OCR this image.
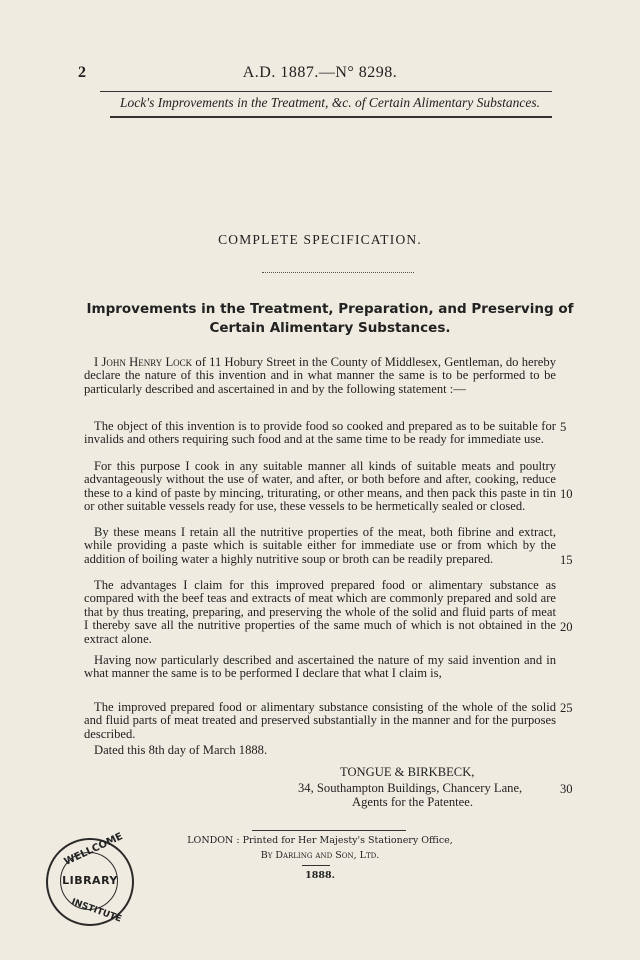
2	A.D. 1887.—N° 8298.
Lock's Improvements in the Treatment, &c. of Certain Alimentary Substances.
COMPLETE SPECIFICATION.
Improvements in the Treatment, Preparation, and Preserving of
Certain Alimentary Substances.
I John Henry Lock of 11 Hobury Street in the County of Middlesex, Gentleman, do hereby declare the nature of this invention and in what manner the same is to be performed to be particularly described and ascertained in and by the following statement :—
The object of this invention is to provide food so cooked and prepared as to be suitable for invalids and others requiring such food and at the same time to be ready for immediate use.
For this purpose I cook in any suitable manner all kinds of suitable meats and poultry advantageously without the use of water, and after, or both before and after, cooking, reduce these to a kind of paste by mincing, triturating, or other means, and then pack this paste in tin or other suitable vessels ready for use, these vessels to be hermetically sealed or closed.
By these means I retain all the nutritive properties of the meat, both fibrine and extract, while providing a paste which is suitable either for immediate use or from which by the addition of boiling water a highly nutritive soup or broth can be readily prepared.
The advantages I claim for this improved prepared food or alimentary substance as compared with the beef teas and extracts of meat which are commonly prepared and sold are that by thus treating, preparing, and preserving the whole of the solid and fluid parts of meat I thereby save all the nutritive properties of the same much of which is not obtained in the extract alone.
Having now particularly described and ascertained the nature of my said invention and in what manner the same is to be performed I declare that what I claim is,
The improved prepared food or alimentary substance consisting of the whole of the solid and fluid parts of meat treated and preserved substantially in the manner and for the purposes described.
Dated this 8th day of March 1888.
5
10
15
20
25
30
TONGUE & BIRKBECK,
34, Southampton Buildings, Chancery Lane,
Agents for the Patentee.
LONDON : Printed for Her Majesty's Stationery Office,
By Darling and Son, Ltd.
1888.
WELLCOME
LIBRARY
INSTITUTE
